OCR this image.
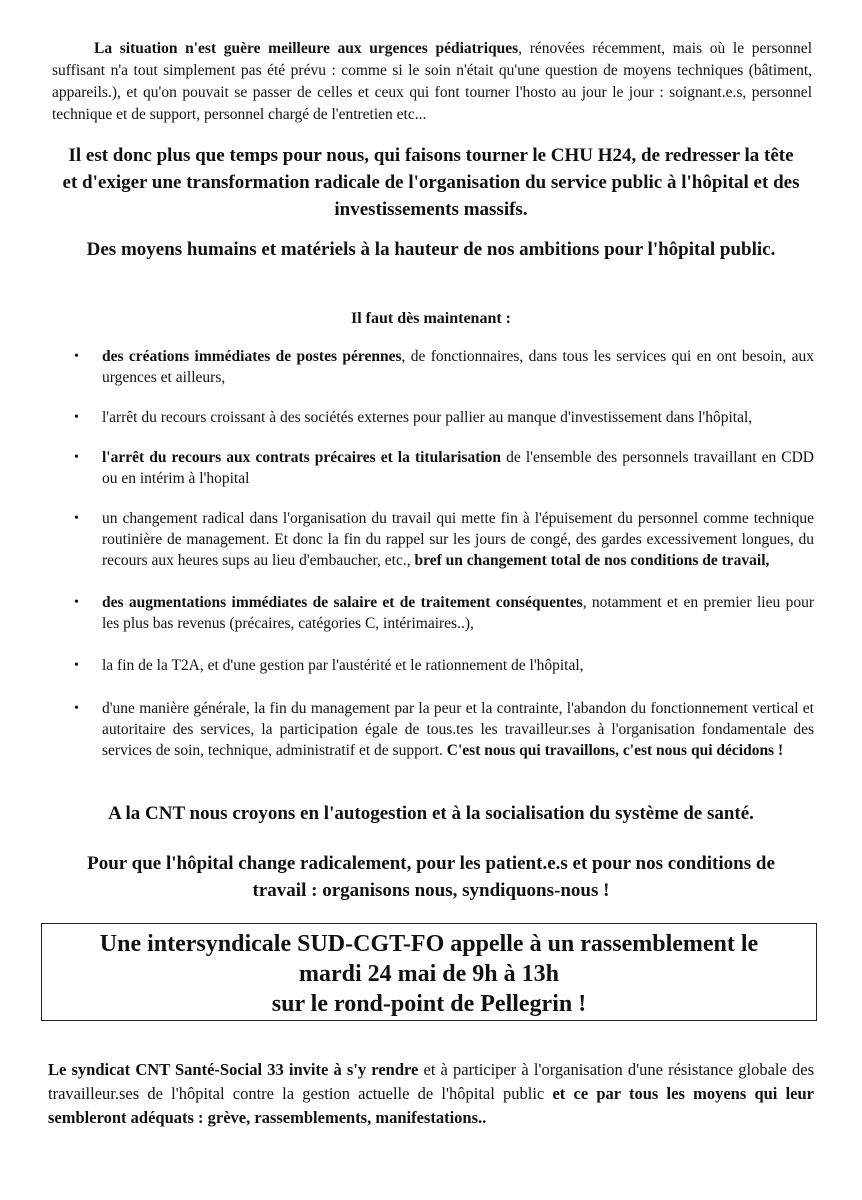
La situation n'est guère meilleure aux urgences pédiatriques, rénovées récemment, mais où le personnel suffisant n'a tout simplement pas été prévu : comme si le soin n'était qu'une question de moyens techniques (bâtiment, appareils.), et qu'on pouvait se passer de celles et ceux qui font tourner l'hosto au jour le jour : soignant.e.s, personnel technique et de support, personnel chargé de l'entretien etc...

Il est donc plus que temps pour nous, qui faisons tourner le CHU H24, de redresser la tête et d'exiger une transformation radicale de l'organisation du service public à l'hôpital et des investissements massifs.

Des moyens humains et matériels à la hauteur de nos ambitions pour l'hôpital public.

Il faut dès maintenant :

• des créations immédiates de postes pérennes, de fonctionnaires, dans tous les services qui en ont besoin, aux urgences et ailleurs,
• l'arrêt du recours croissant à des sociétés externes pour pallier au manque d'investissement dans l'hôpital,
• l'arrêt du recours aux contrats précaires et la titularisation de l'ensemble des personnels travaillant en CDD ou en intérim à l'hopital
• un changement radical dans l'organisation du travail qui mette fin à l'épuisement du personnel comme technique routinière de management. Et donc la fin du rappel sur les jours de congé, des gardes excessivement longues, du recours aux heures sups au lieu d'embaucher, etc., bref un changement total de nos conditions de travail,
• des augmentations immédiates de salaire et de traitement conséquentes, notamment et en premier lieu pour les plus bas revenus (précaires, catégories C, intérimaires..),
• la fin de la T2A, et d'une gestion par l'austérité et le rationnement de l'hôpital,
• d'une manière générale, la fin du management par la peur et la contrainte, l'abandon du fonctionnement vertical et autoritaire des services, la participation égale de tous.tes les travailleur.ses à l'organisation fondamentale des services de soin, technique, administratif et de support. C'est nous qui travaillons, c'est nous qui décidons !

A la CNT nous croyons en l'autogestion et à la socialisation du système de santé.

Pour que l'hôpital change radicalement, pour les patient.e.s et pour nos conditions de travail : organisons nous, syndiquons-nous !

Une intersyndicale SUD-CGT-FO appelle à un rassemblement le
mardi 24 mai de 9h à 13h
sur le rond-point de Pellegrin !

Le syndicat CNT Santé-Social 33 invite à s'y rendre et à participer à l'organisation d'une résistance globale des travailleur.ses de l'hôpital contre la gestion actuelle de l'hôpital public et ce par tous les moyens qui leur sembleront adéquats : grève, rassemblements, manifestations..
